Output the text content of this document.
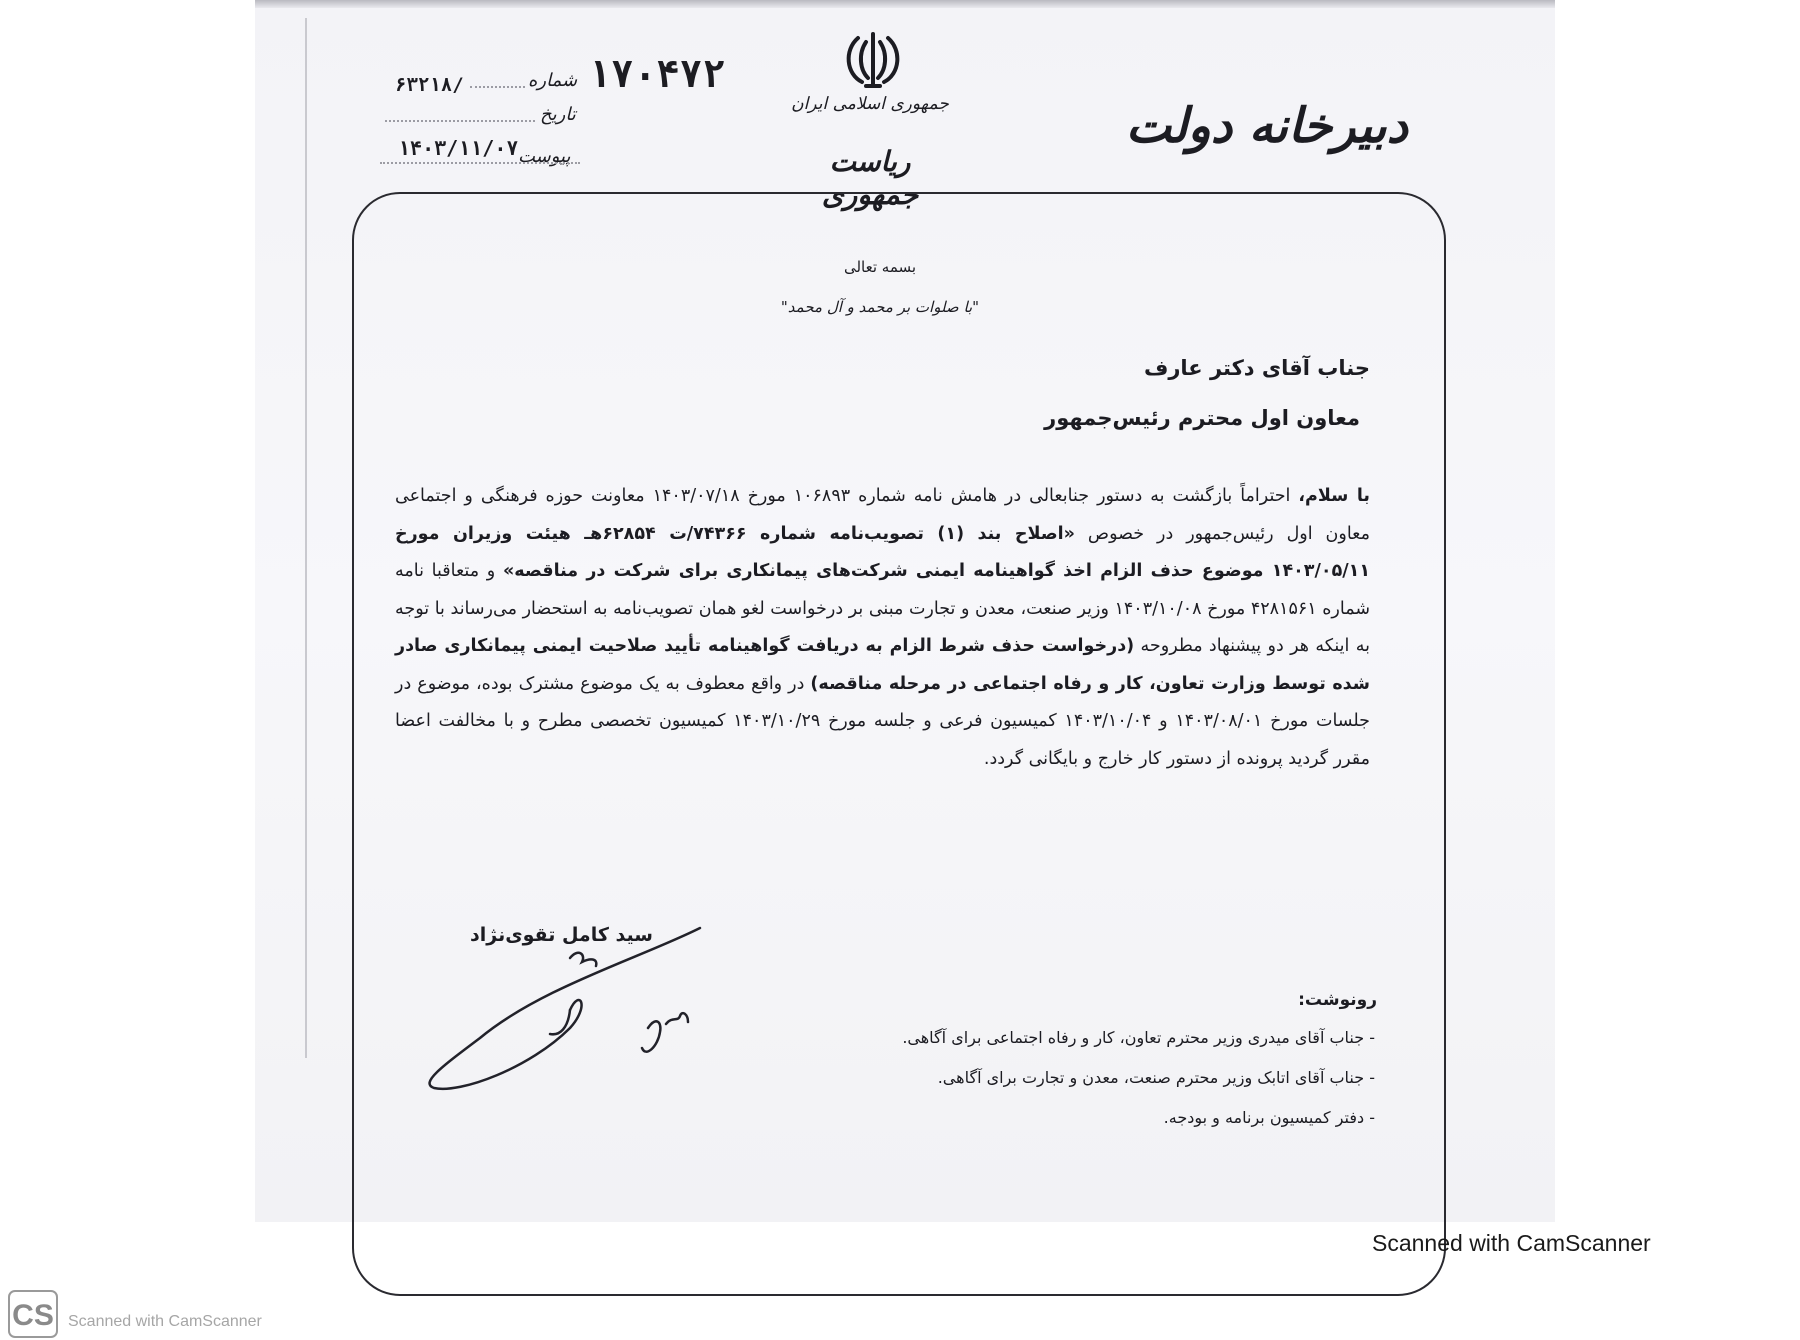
دبیرخانه دولت
جمهوری اسلامی ایران
ریاست جمهوری
۱۷۰۴۷۲
شماره
۶۳۲۱۸/
تاریخ
پیوست
۱۴۰۳/۱۱/۰۷
بسمه تعالی
"با صلوات بر محمد و آل محمد"
جناب آقای دکتر عارف
معاون اول محترم رئیس‌جمهور
با سلام، احتراماً بازگشت به دستور جنابعالی در هامش نامه شماره ۱۰۶۸۹۳ مورخ ۱۴۰۳/۰۷/۱۸ معاونت حوزه فرهنگی و اجتماعی معاون اول رئیس‌جمهور در خصوص «اصلاح بند (۱) تصویب‌نامه شماره ۷۴۳۶۶/ت ۶۲۸۵۴هـ هیئت وزیران مورخ ۱۴۰۳/۰۵/۱۱ موضوع حذف الزام اخذ گواهینامه ایمنی شرکت‌های پیمانکاری برای شرکت در مناقصه» و متعاقبا نامه شماره ۴۲۸۱۵۶۱ مورخ ۱۴۰۳/۱۰/۰۸ وزیر صنعت، معدن و تجارت مبنی بر درخواست لغو همان تصویب‌نامه به استحضار می‌رساند با توجه به اینکه هر دو پیشنهاد مطروحه (درخواست حذف شرط الزام به دریافت گواهینامه تأیید صلاحیت ایمنی پیمانکاری صادر شده توسط وزارت تعاون، کار و رفاه اجتماعی در مرحله مناقصه) در واقع معطوف به یک موضوع مشترک بوده، موضوع در جلسات مورخ ۱۴۰۳/۰۸/۰۱ و ۱۴۰۳/۱۰/۰۴ کمیسیون فرعی و جلسه مورخ ۱۴۰۳/۱۰/۲۹ کمیسیون تخصصی مطرح و با مخالفت اعضا مقرر گردید پرونده از دستور کار خارج و بایگانی گردد.
سید کامل تقوی‌نژاد
رونوشت:
- جناب آقای میدری وزیر محترم تعاون، کار و رفاه اجتماعی برای آگاهی.
- جناب آقای اتابک وزیر محترم صنعت، معدن و تجارت برای آگاهی.
- دفتر کمیسیون برنامه و بودجه.
Scanned with CamScanner
CS Scanned with CamScanner
